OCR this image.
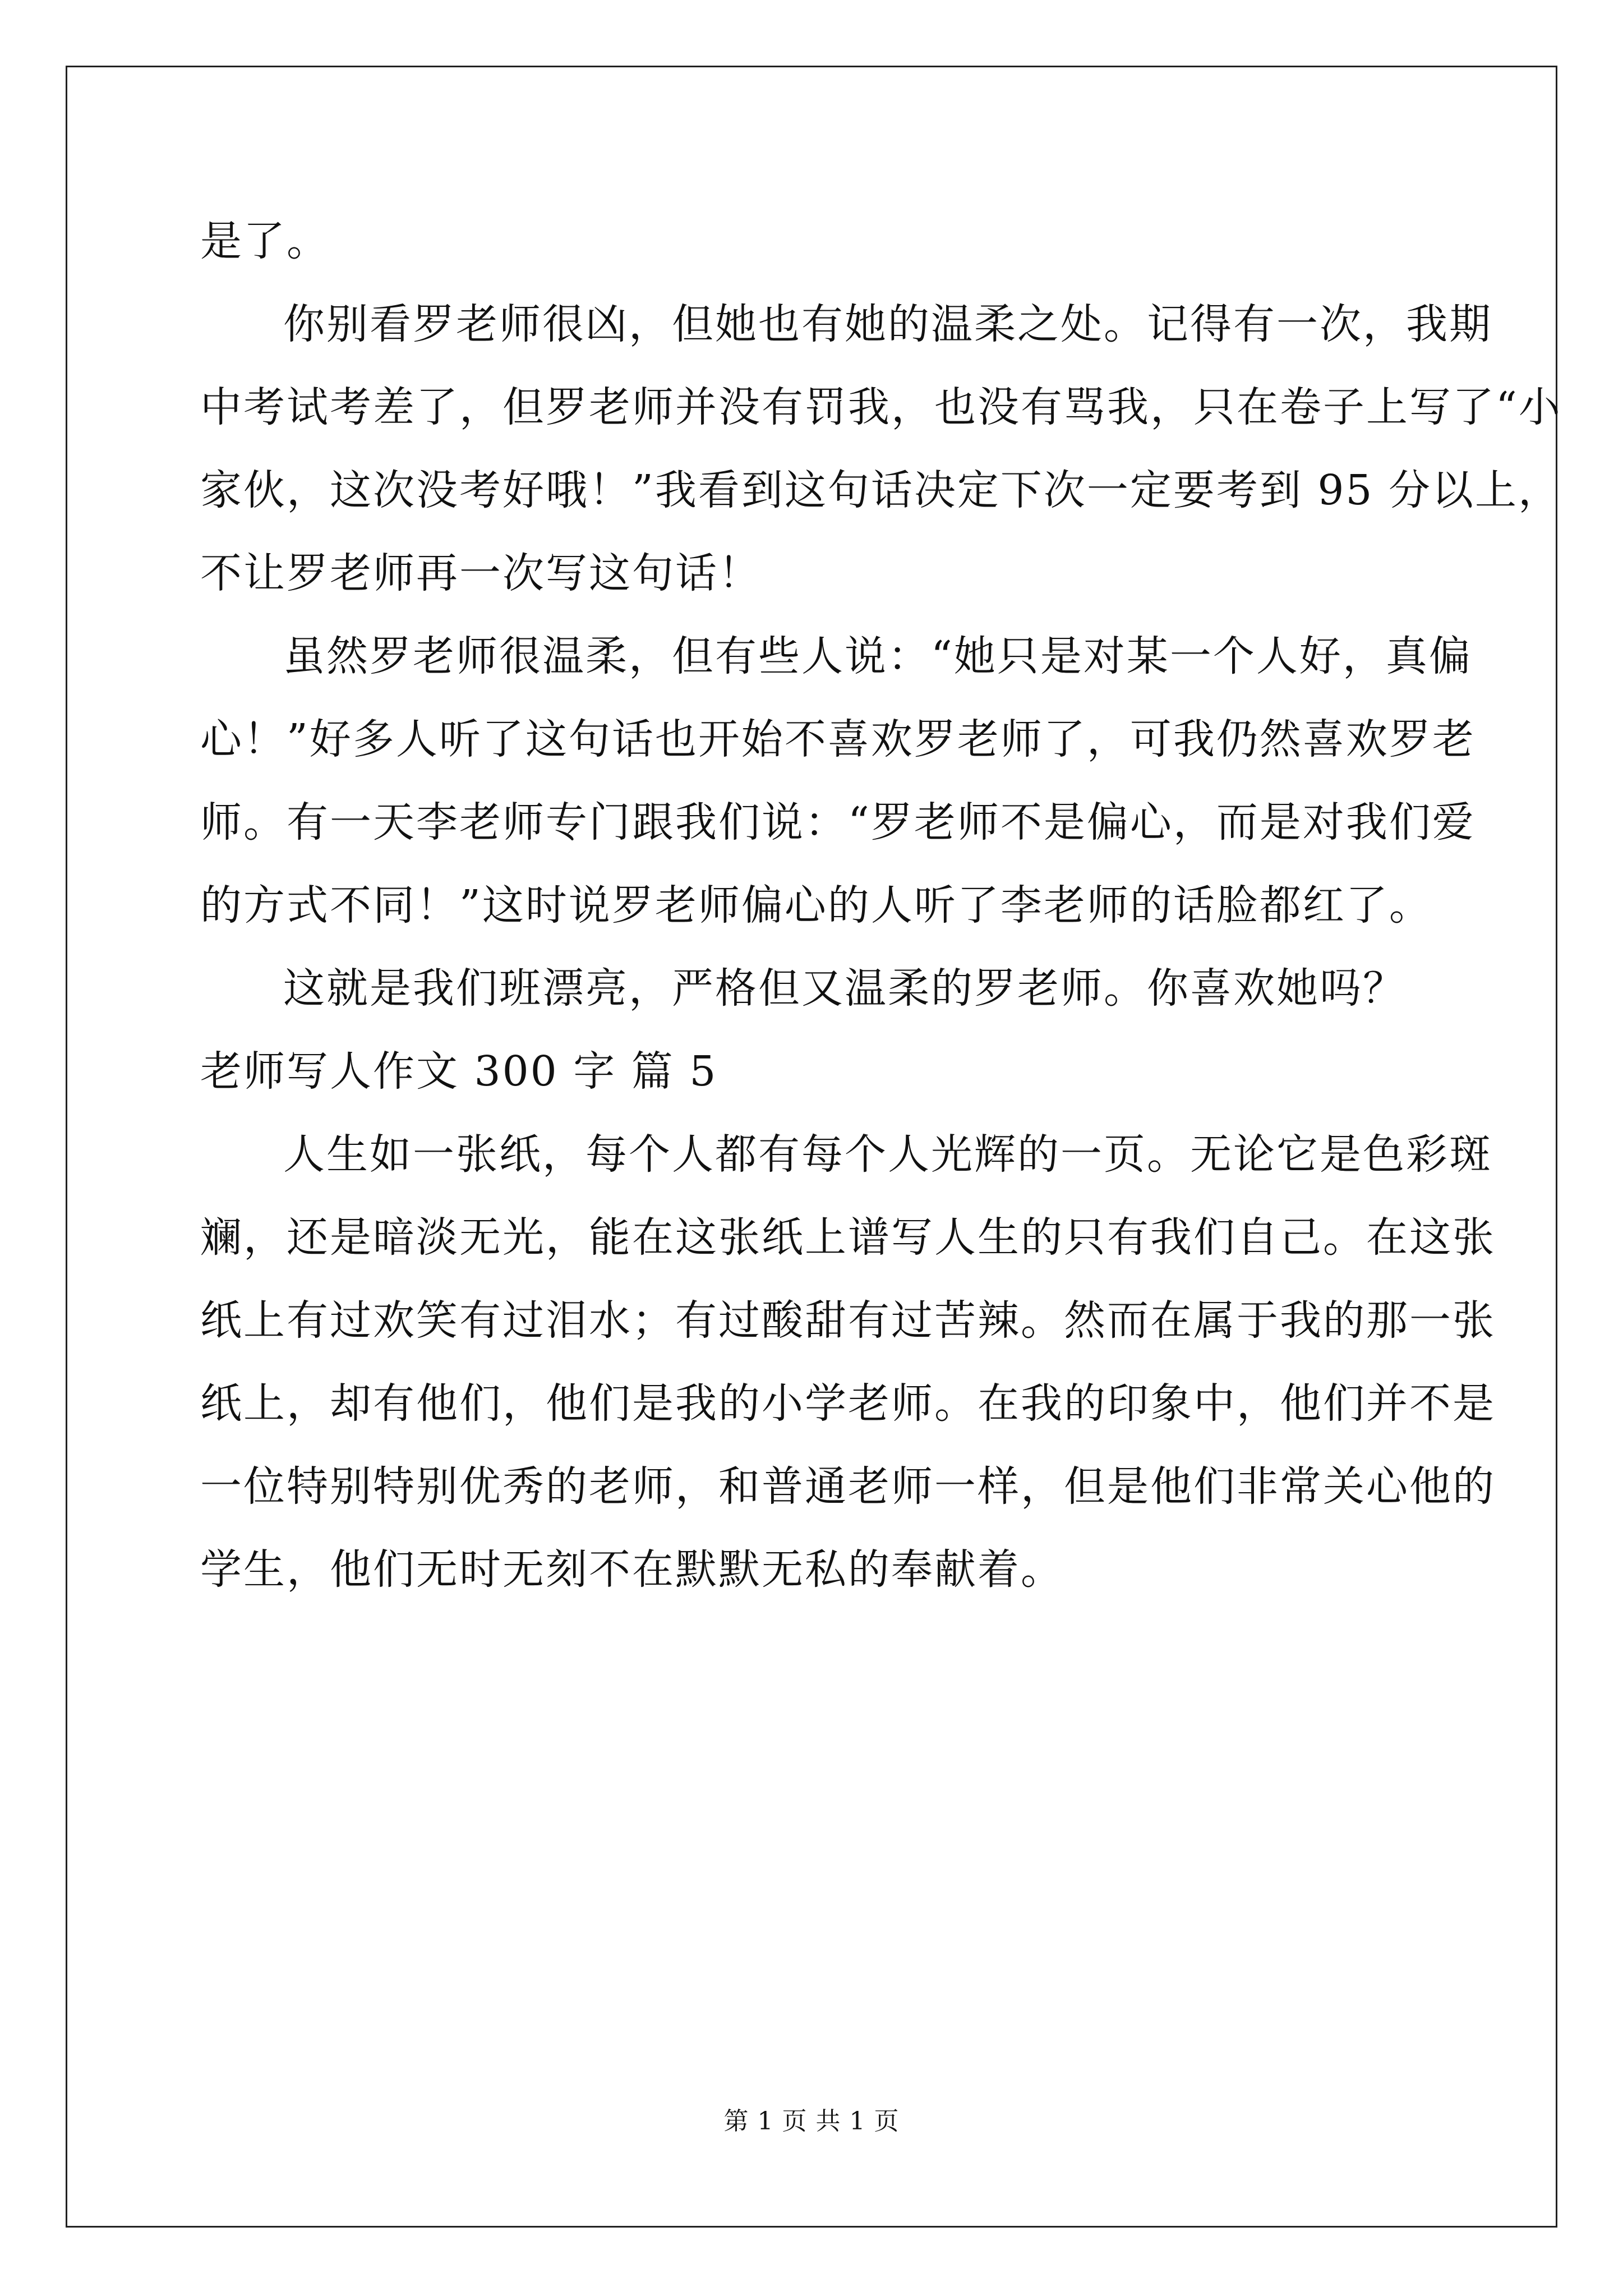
是了。
你别看罗老师很凶，但她也有她的温柔之处。记得有一次，我期
中考试考差了，但罗老师并没有罚我，也没有骂我，只在卷子上写了“小
家伙，这次没考好哦！”我看到这句话决定下次一定要考到 95 分以上，
不让罗老师再一次写这句话！
虽然罗老师很温柔，但有些人说：“她只是对某一个人好，真偏
心！”好多人听了这句话也开始不喜欢罗老师了，可我仍然喜欢罗老
师。有一天李老师专门跟我们说：“罗老师不是偏心，而是对我们爱
的方式不同！”这时说罗老师偏心的人听了李老师的话脸都红了。
这就是我们班漂亮，严格但又温柔的罗老师。你喜欢她吗？
老师写人作文 300 字 篇 5
人生如一张纸，每个人都有每个人光辉的一页。无论它是色彩斑
斓，还是暗淡无光，能在这张纸上谱写人生的只有我们自己。在这张
纸上有过欢笑有过泪水；有过酸甜有过苦辣。然而在属于我的那一张
纸上，却有他们，他们是我的小学老师。在我的印象中，他们并不是
一位特别特别优秀的老师，和普通老师一样，但是他们非常关心他的
学生，他们无时无刻不在默默无私的奉献着。
第 1 页 共 1 页
